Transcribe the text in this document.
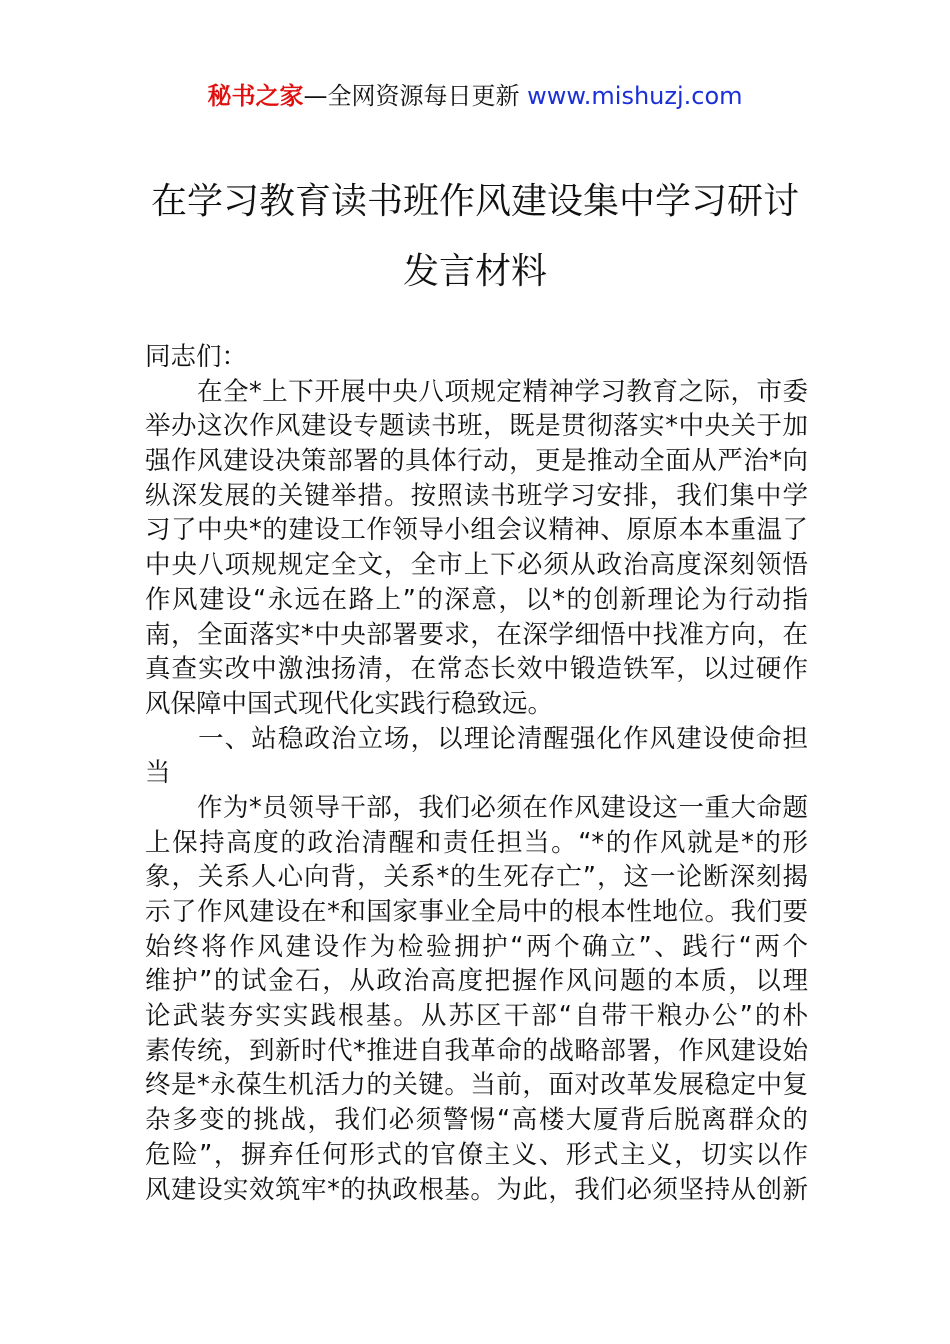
秘书之家—全网资源每日更新 www.mishuzj.com
在学习教育读书班作风建设集中学习研讨
发言材料
同志们：
　　在全*上下开展中央八项规定精神学习教育之际，市委
举办这次作风建设专题读书班，既是贯彻落实*中央关于加
强作风建设决策部署的具体行动，更是推动全面从严治*向
纵深发展的关键举措。按照读书班学习安排，我们集中学
习了中央*的建设工作领导小组会议精神、原原本本重温了
中央八项规规定全文，全市上下必须从政治高度深刻领悟
作风建设“永远在路上”的深意，以*的创新理论为行动指
南，全面落实*中央部署要求，在深学细悟中找准方向，在
真查实改中激浊扬清，在常态长效中锻造铁军，以过硬作
风保障中国式现代化实践行稳致远。
　　一、站稳政治立场，以理论清醒强化作风建设使命担
当
　　作为*员领导干部，我们必须在作风建设这一重大命题
上保持高度的政治清醒和责任担当。“*的作风就是*的形
象，关系人心向背，关系*的生死存亡”，这一论断深刻揭
示了作风建设在*和国家事业全局中的根本性地位。我们要
始终将作风建设作为检验拥护“两个确立”、践行“两个
维护”的试金石，从政治高度把握作风问题的本质，以理
论武装夯实实践根基。从苏区干部“自带干粮办公”的朴
素传统，到新时代*推进自我革命的战略部署，作风建设始
终是*永葆生机活力的关键。当前，面对改革发展稳定中复
杂多变的挑战，我们必须警惕“高楼大厦背后脱离群众的
危险”，摒弃任何形式的官僚主义、形式主义，切实以作
风建设实效筑牢*的执政根基。为此，我们必须坚持从创新
